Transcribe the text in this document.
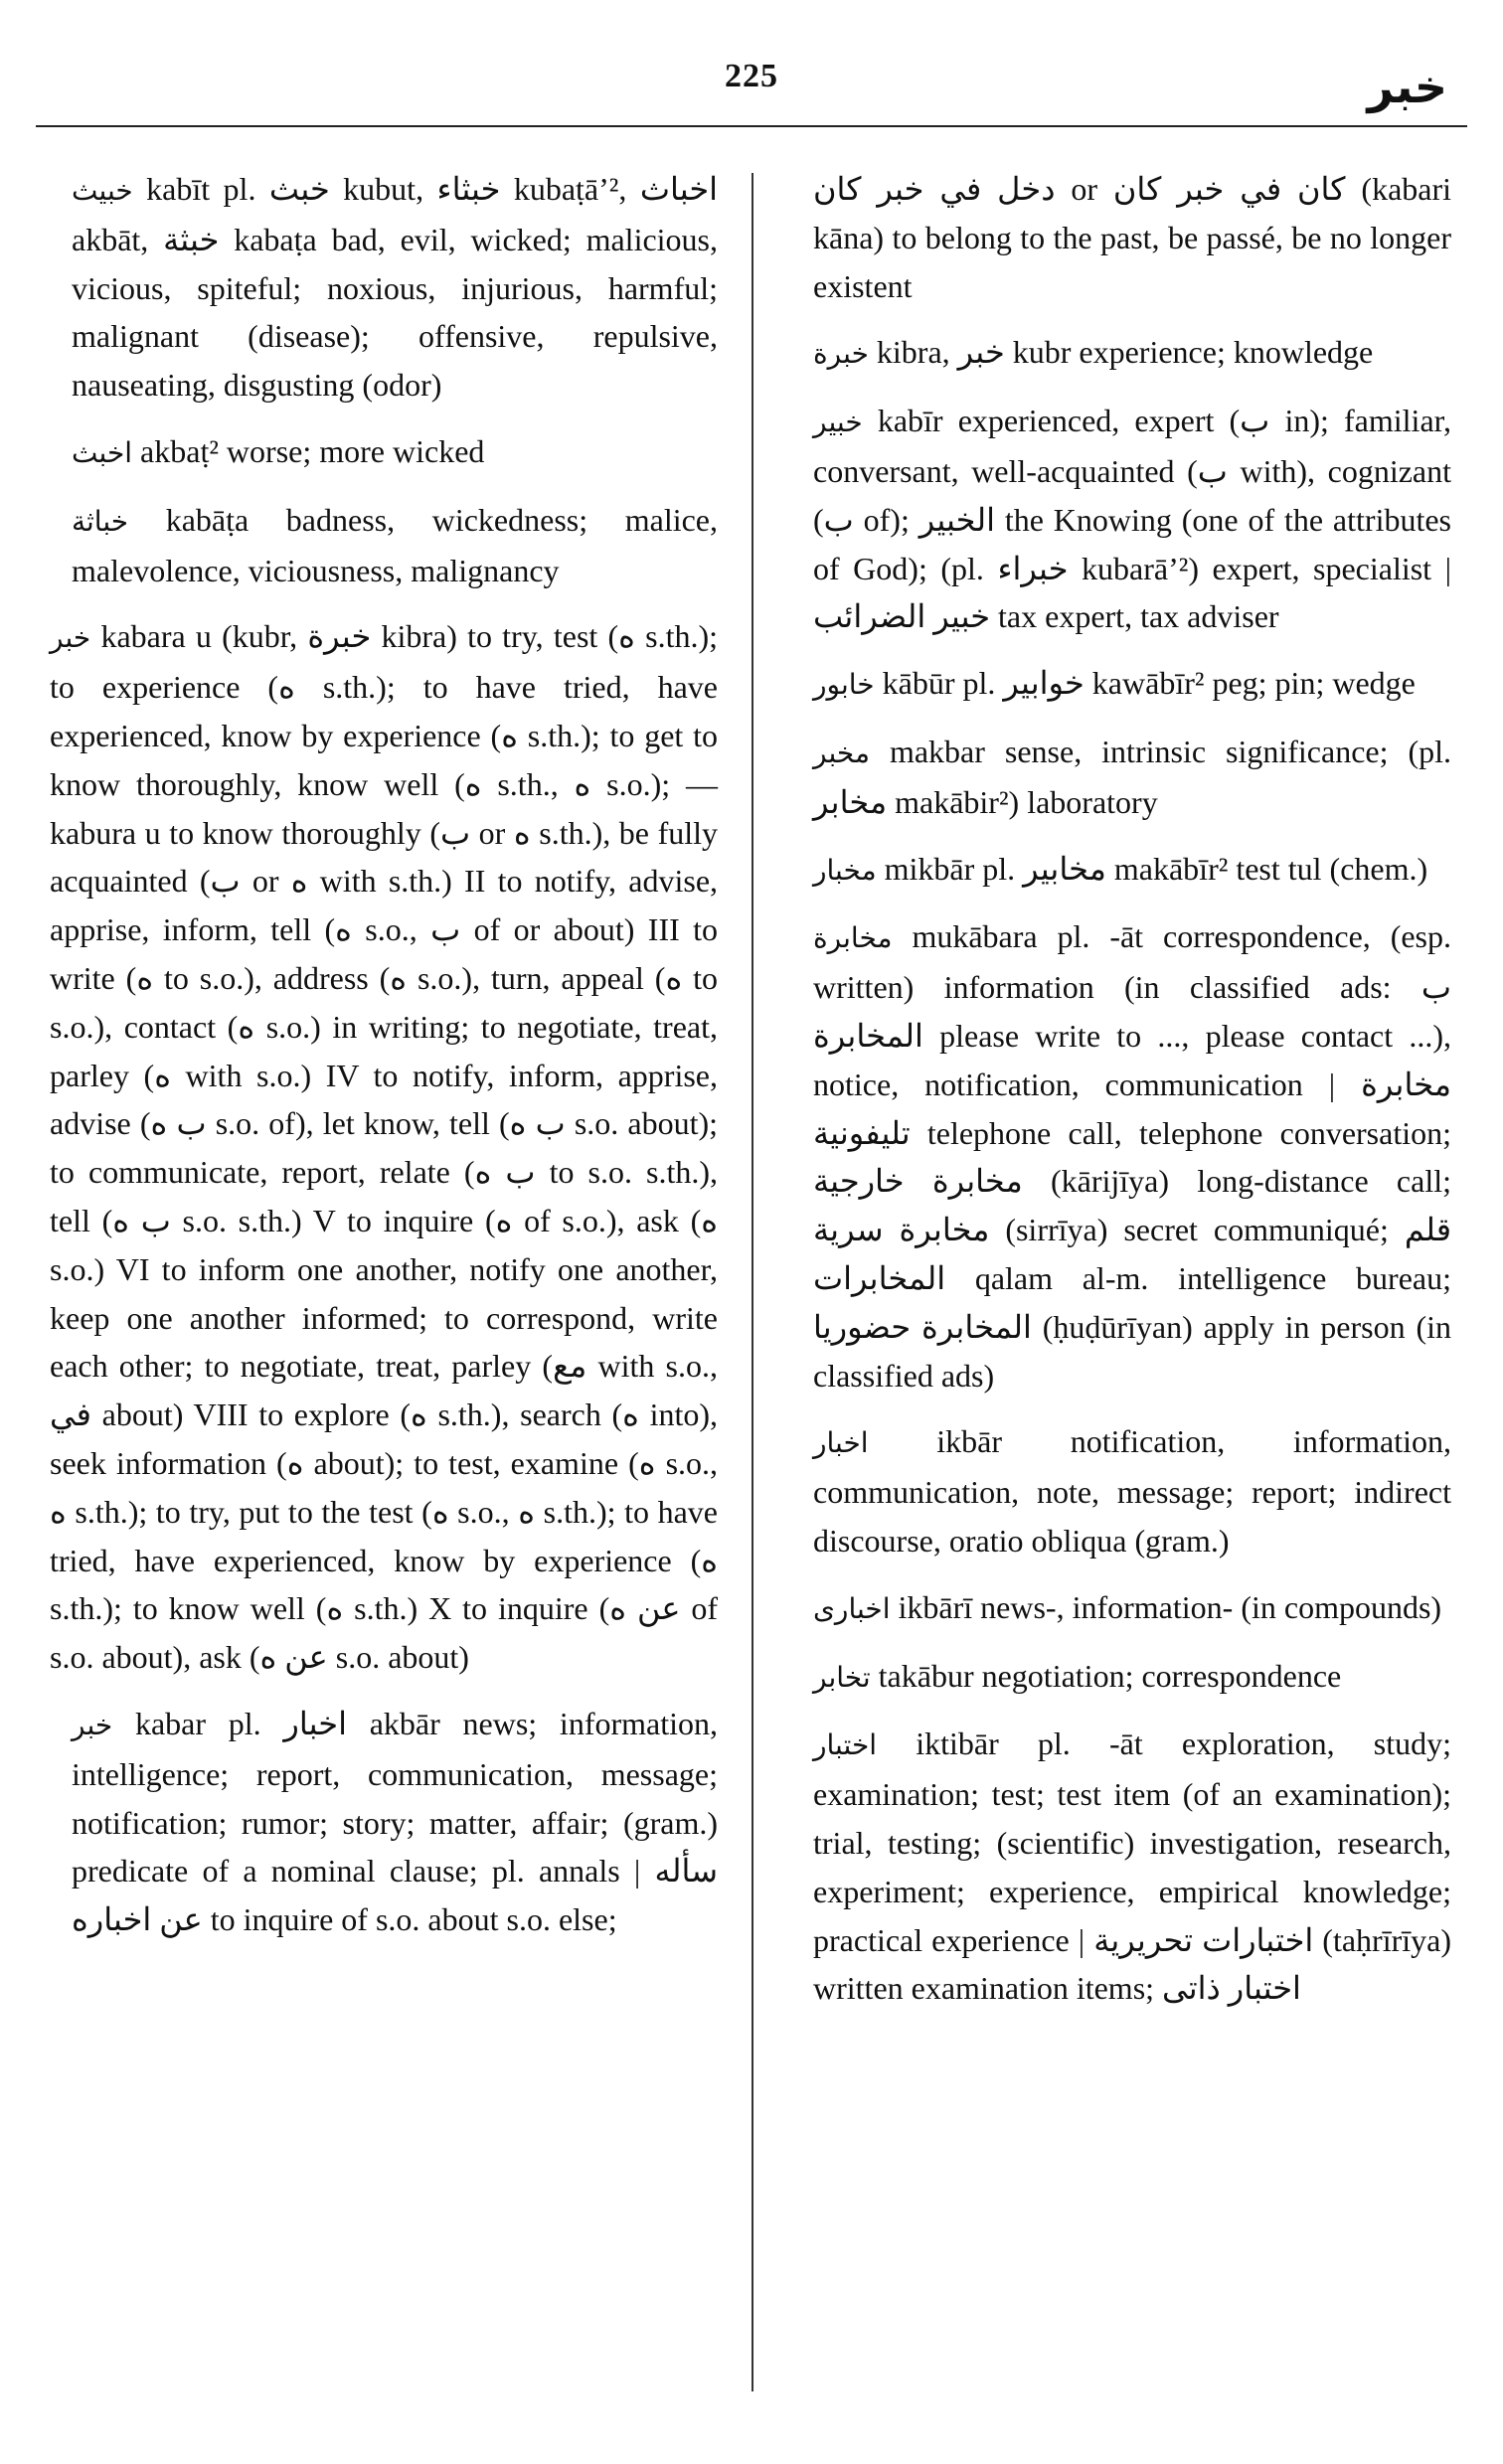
225	خبر

خبيث kabīt pl. خبث kubut, خبثاء kubaṭā’², اخباث akbāt, خبثة kabaṭa bad, evil, wicked; malicious, vicious, spiteful; noxious, injurious, harmful; malignant (disease); offensive, repulsive, nauseating, disgusting (odor)

اخبث akbaṭ² worse; more wicked

خباثة kabāṭa badness, wickedness; malice, malevolence, viciousness, malignancy

خبر kabara u (kubr, خبرة kibra) to try, test (ه s.th.); to experience (ه s.th.); to have tried, have experienced, know by experience (ه s.th.); to get to know thoroughly, know well (ه s.th., ه s.o.); — kabura u to know thoroughly (ب or ه s.th.), be fully acquainted (ب or ه with s.th.) II to notify, advise, apprise, inform, tell (ه s.o., ب of or about) III to write (ه to s.o.), address (ه s.o.), turn, appeal (ه to s.o.), contact (ه s.o.) in writing; to negotiate, treat, parley (ه with s.o.) IV to notify, inform, apprise, advise (ب ه s.o. of), let know, tell (ب ه s.o. about); to communicate, report, relate (ب ه to s.o. s.th.), tell (ب ه s.o. s.th.) V to inquire (ه of s.o.), ask (ه s.o.) VI to inform one another, notify one another, keep one another informed; to correspond, write each other; to negotiate, treat, parley (مع with s.o., في about) VIII to explore (ه s.th.), search (ه into), seek information (ه about); to test, examine (ه s.o., ه s.th.); to try, put to the test (ه s.o., ه s.th.); to have tried, have experienced, know by experience (ه s.th.); to know well (ه s.th.) X to inquire (عن ه of s.o. about), ask (عن ه s.o. about)

خبر kabar pl. اخبار akbār news; information, intelligence; report, communication, message; notification; rumor; story; matter, affair; (gram.) predicate of a nominal clause; pl. annals | سأله عن اخباره to inquire of s.o. about s.o. else;

دخل في خبر كان or كان في خبر كان (kabari kāna) to belong to the past, be passé, be no longer existent

خبرة kibra, خبر kubr experience; knowledge

خبير kabīr experienced, expert (ب in); familiar, conversant, well-acquainted (ب with), cognizant (ب of); الخبير the Knowing (one of the attributes of God); (pl. خبراء kubarā’²) expert, specialist | خبير الضرائب tax expert, tax adviser

خابور kābūr pl. خوابير kawābīr² peg; pin; wedge

مخبر makbar sense, intrinsic significance; (pl. مخابر makābir²) laboratory

مخبار mikbār pl. مخابير makābīr² test tul (chem.)

مخابرة mukābara pl. -āt correspondence, (esp. written) information (in classified ads: ب المخابرة please write to ..., please contact ...), notice, notification, communication | مخابرة تليفونية telephone call, telephone conversation; مخابرة خارجية (kārijīya) long-distance call; مخابرة سرية (sirrīya) secret communiqué; قلم المخابرات qalam al-m. intelligence bureau; المخابرة حضوريا (ḥuḍūrīyan) apply in person (in classified ads)

اخبار ikbār notification, information, communication, note, message; report; indirect discourse, oratio obliqua (gram.)

اخبارى ikbārī news-, information- (in compounds)

تخابر takābur negotiation; correspondence

اختبار iktibār pl. -āt exploration, study; examination; test; test item (of an examination); trial, testing; (scientific) investigation, research, experiment; experience, empirical knowledge; practical experience | اختبارات تحريرية (taḥrīrīya) written examination items; اختبار ذاتى
